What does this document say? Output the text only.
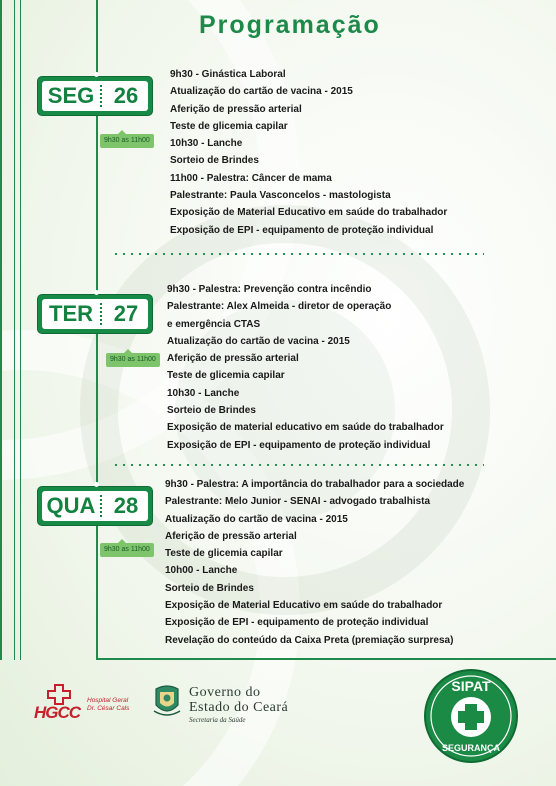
Programação
SEG 26
9h30 as 11h00
9h30 - Ginástica Laboral
Atualização do cartão de vacina - 2015
Aferição de pressão arterial
Teste de glicemia capilar
10h30 - Lanche
Sorteio de Brindes
11h00 - Palestra: Câncer de mama
Palestrante: Paula Vasconcelos - mastologista
Exposição de Material Educativo em saúde do trabalhador
Exposição de EPI - equipamento de proteção individual
TER 27
9h30 as 11h00
9h30 - Palestra: Prevenção contra incêndio
Palestrante: Alex Almeida - diretor de operação
e emergência CTAS
Atualização do cartão de vacina - 2015
Aferição de pressão arterial
Teste de glicemia capilar
10h30 - Lanche
Sorteio de Brindes
Exposição de material educativo em saúde do trabalhador
Exposição de EPI - equipamento de proteção individual
QUA 28
9h30 as 11h00
9h30 - Palestra: A importância do trabalhador para a sociedade
Palestrante: Melo Junior - SENAI - advogado trabalhista
Atualização do cartão de vacina - 2015
Aferição de pressão arterial
Teste de glicemia capilar
10h00 - Lanche
Sorteio de Brindes
Exposição de Material Educativo em saúde do trabalhador
Exposição de EPI - equipamento de proteção individual
Revelação do conteúdo da Caixa Preta (premiação surpresa)
HGCC
Hospital Geral
Dr. César Cals
Governo do
Estado do Ceará
Secretaria da Saúde
SIPAT
SEGURANÇA
